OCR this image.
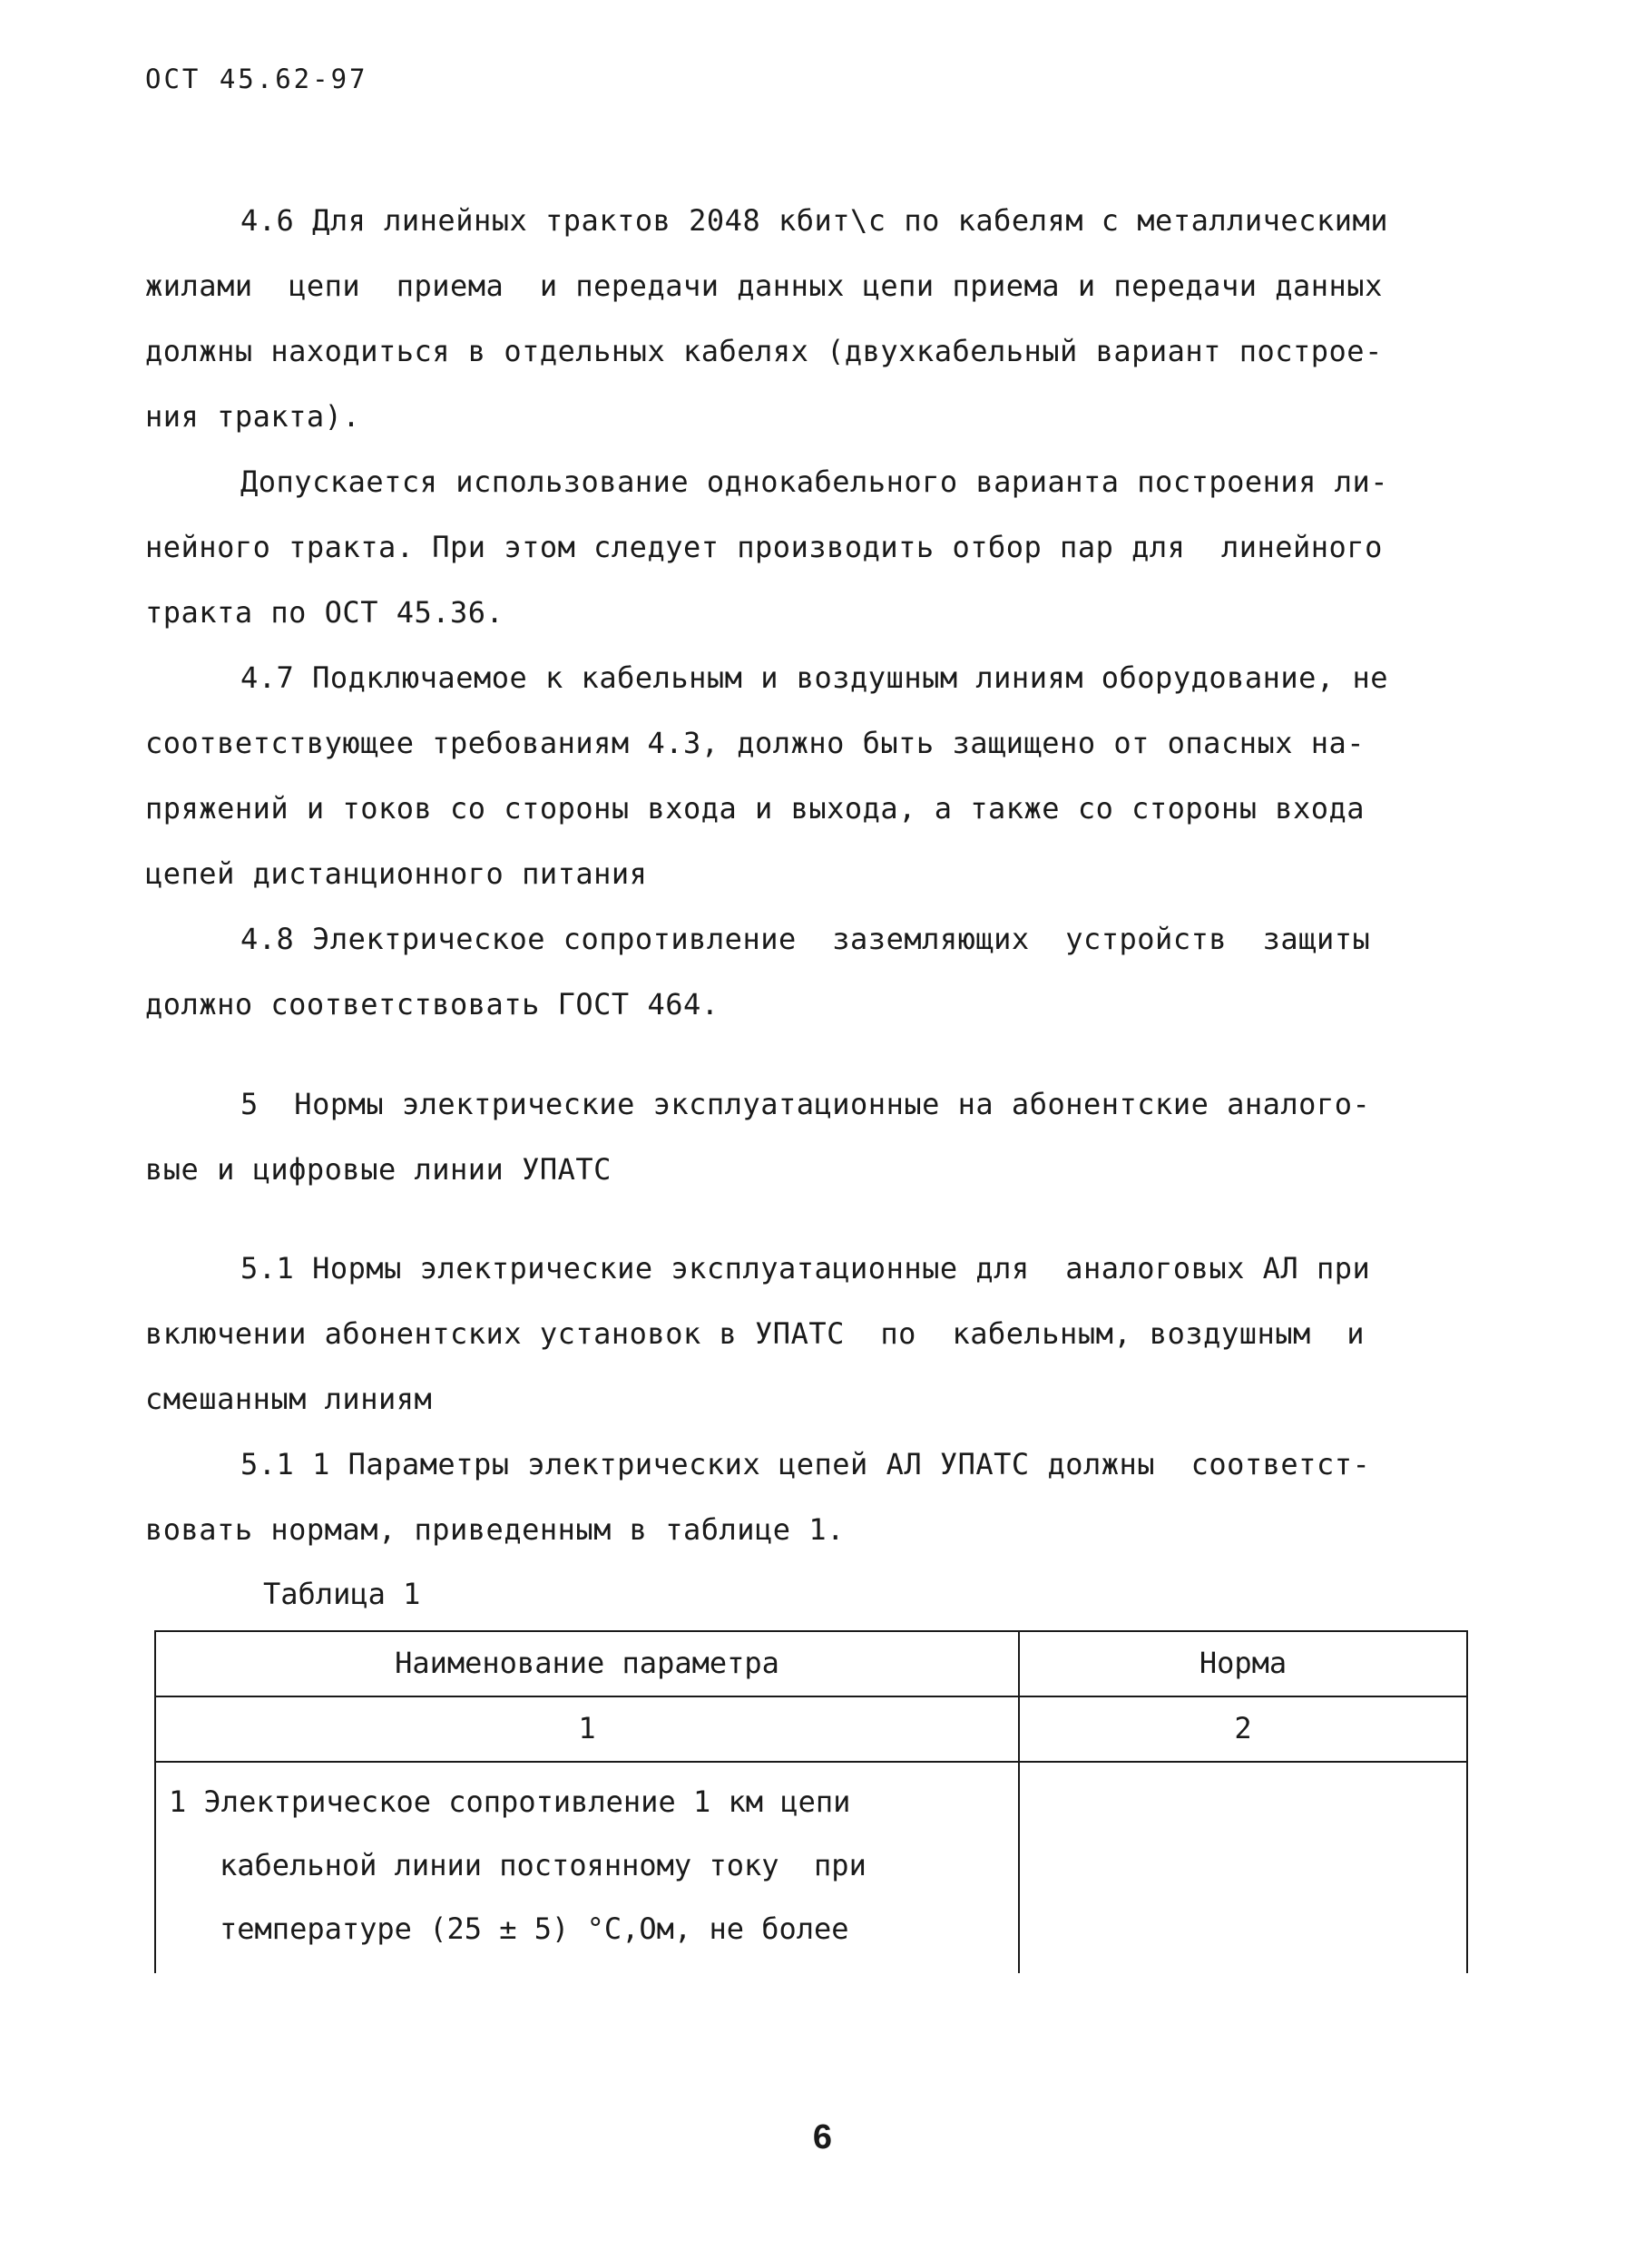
ОСТ 45.62-97
4.6 Для линейных трактов 2048 кбит\с по кабелям с металлическими
жилами  цепи  приема  и передачи данных цепи приема и передачи данных
должны находиться в отдельных кабелях (двухкабельный вариант построе-
ния тракта).
Допускается использование однокабельного варианта построения ли-
нейного тракта. При этом следует производить отбор пар для  линейного
тракта по ОСТ 45.36.
4.7 Подключаемое к кабельным и воздушным линиям оборудование, не
соответствующее требованиям 4.3, должно быть защищено от опасных на-
пряжений и токов со стороны входа и выхода, а также со стороны входа
цепей дистанционного питания
4.8 Электрическое сопротивление  заземляющих  устройств  защиты
должно соответствовать ГОСТ 464.
5  Нормы электрические эксплуатационные на абонентские аналого-
вые и цифровые линии УПАТС
5.1 Нормы электрические эксплуатационные для  аналоговых АЛ при
включении абонентских установок в УПАТС  по  кабельным, воздушным  и
смешанным линиям
5.1 1 Параметры электрических цепей АЛ УПАТС должны  соответст-
вовать нормам, приведенным в таблице 1.
Таблица 1
Наименование параметра	Норма
1	2

1 Электрическое сопротивление 1 км цепи
кабельной линии постоянному току  при
температуре (25 ± 5) °С,Ом, не более	

6
